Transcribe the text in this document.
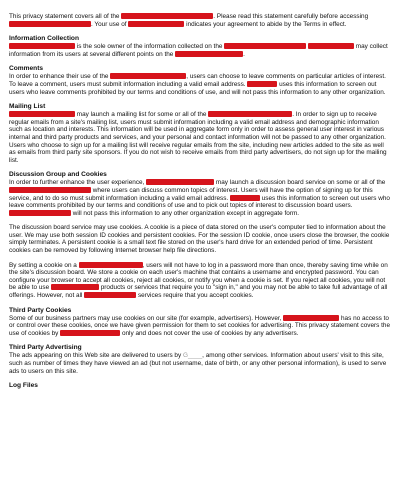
This privacy statement covers all of the	. Please read this statement carefully before accessing . Your use of	indicates your agreement to abide by the Terms in effect.

Information Collection

is the sole owner of the information collected on the	may collect information from its users at several different points on the	.

Comments

In order to enhance their use of the	, users can choose to leave comments on particular articles of interest. To leave a comment, users must submit information including a valid email address.	uses this information to screen out users who leave comments prohibited by our terms and conditions of use, and will not pass this information to any other organization.

Mailing List

may launch a mailing list for some or all of the	. In order to sign up to receive regular emails from a site's mailing list, users must submit information including a valid email address and demographic information such as location and interests. This information will be used in aggregate form only in order to assess general user interest in various internal and third party products and services, and your personal and contact information will not be passed to any other organization. Users who choose to sign up for a mailing list will receive regular emails from the site, including new articles added to the site as well as emails from third party site sponsors. If you do not wish to receive emails from third party advertisers, do not sign up for the mailing list.

Discussion Group and Cookies

In order to further enhance the user experience,	may launch a discussion board service on some or all of the  where users can discuss common topics of interest. Users will have the option of signing up for this service, and to do so must submit information including a valid email address.	uses this information to screen out users who leave comments prohibited by our terms and conditions of use and to pick out topics of interest to discussion board users.  will not pass this information to any other organization except in aggregate form.

The discussion board service may use cookies. A cookie is a piece of data stored on the user's computer tied to information about the user. We may use both session ID cookies and persistent cookies. For the session ID cookie, once users close the browser, the cookie simply terminates. A persistent cookie is a small text file stored on the user's hard drive for an extended period of time. Persistent cookies can be removed by following Internet browser help file directions.

By setting a cookie on a	, users will not have to log in a password more than once, thereby saving time while on the site's discussion board. We store a cookie on each user's machine that contains a username and encrypted password. You can configure your browser to accept all cookies, reject all cookies, or notify you when a cookie is set. If you reject all cookies, you will not be able to use	products or services that require you to "sign in," and you may not be able to take full advantage of all offerings. However, not all	services require that you accept cookies.

Third Party Cookies

Some of our business partners may use cookies on our site (for example, advertisers). However,	has no access to or control over these cookies, once we have given permission for them to set cookies for advertising. This privacy statement covers the use of cookies by	only and does not cover the use of cookies by any advertisers.

Third Party Advertising

The ads appearing on this Web site are delivered to users by G____, among other services. Information about users' visit to this site, such as number of times they have viewed an ad (but not username, date of birth, or any other personal information), is used to serve ads to users on this site.

Log Files
